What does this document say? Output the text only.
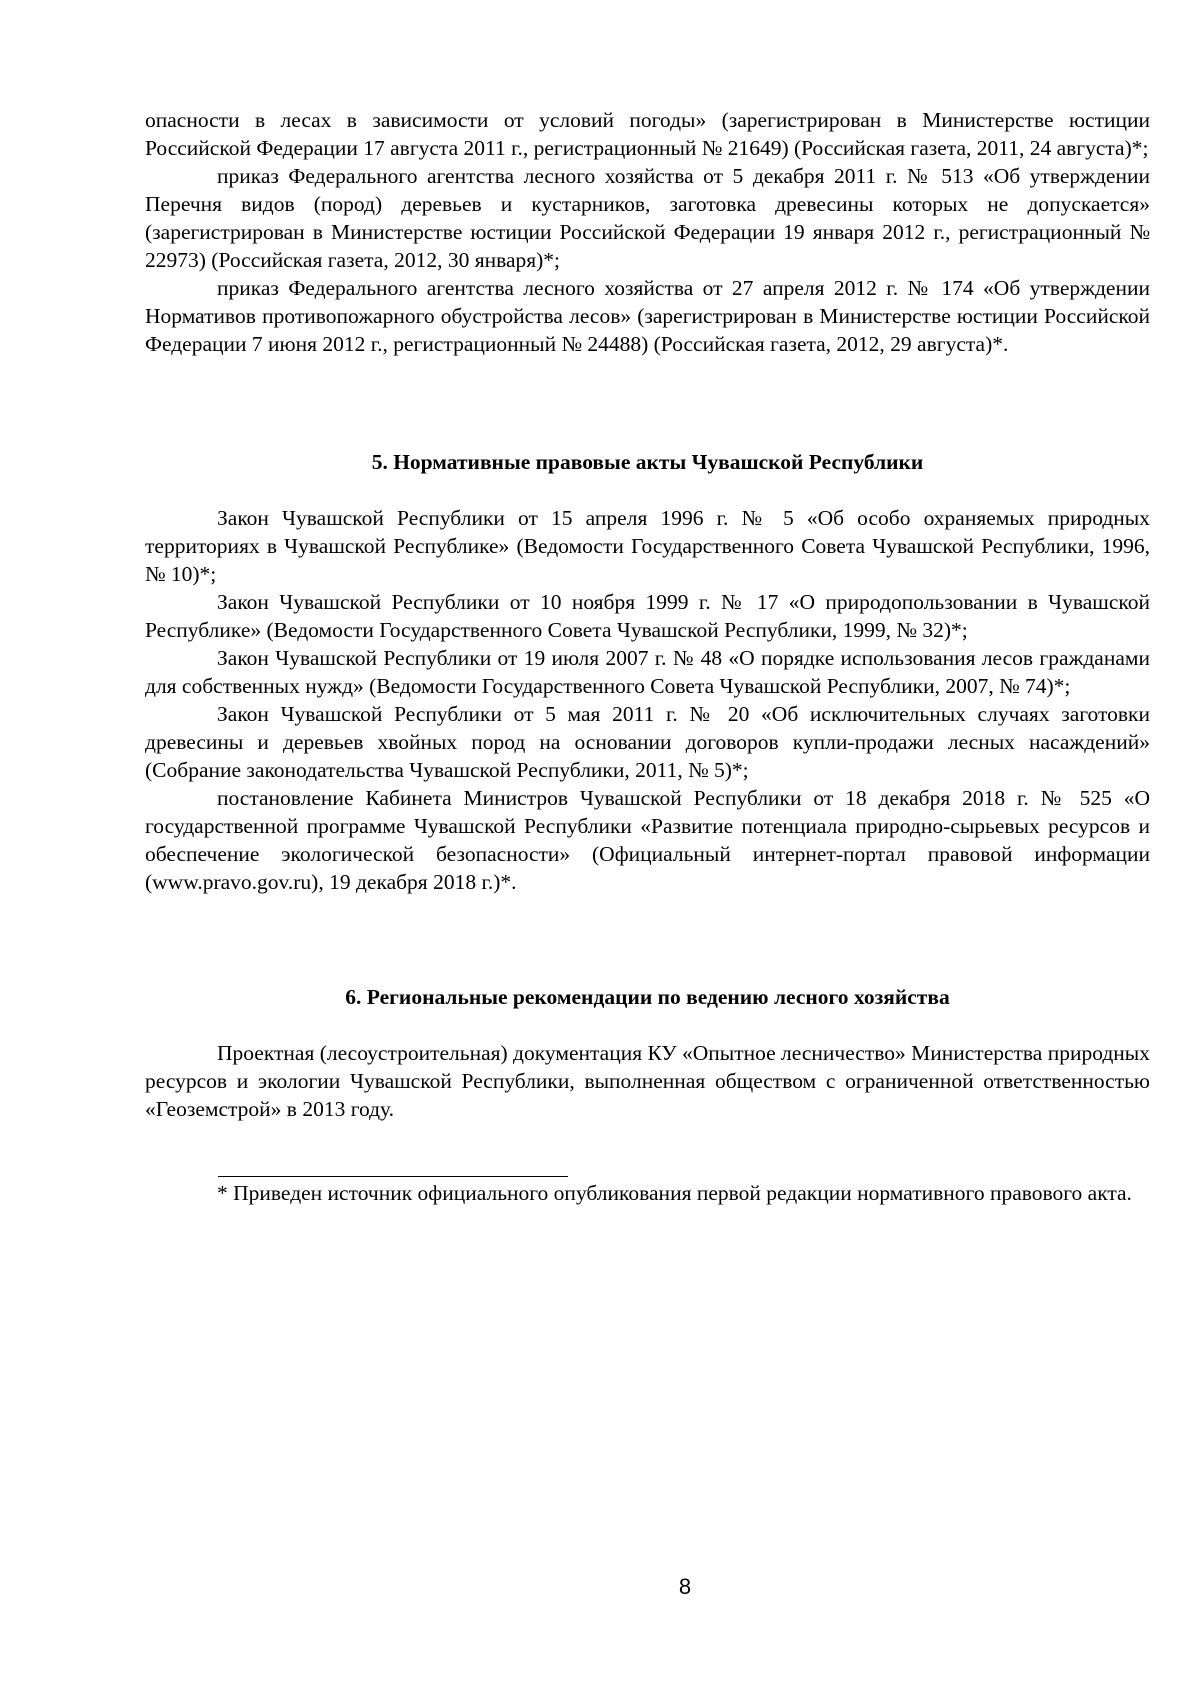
опасности в лесах в зависимости от условий погоды» (зарегистрирован в Министерстве юстиции Российской Федерации 17 августа 2011 г., регистрационный № 21649) (Российская газета, 2011, 24 августа)*;

приказ Федерального агентства лесного хозяйства от 5 декабря 2011 г. № 513 «Об утверждении Перечня видов (пород) деревьев и кустарников, заготовка древесины которых не допускается» (зарегистрирован в Министерстве юстиции Российской Федерации 19 января 2012 г., регистрационный № 22973) (Российская газета, 2012, 30 января)*;

приказ Федерального агентства лесного хозяйства от 27 апреля 2012 г. № 174 «Об утверждении Нормативов противопожарного обустройства лесов» (зарегистрирован в Министерстве юстиции Российской Федерации 7 июня 2012 г., регистрационный № 24488) (Российская газета, 2012, 29 августа)*.

5. Нормативные правовые акты Чувашской Республики

Закон Чувашской Республики от 15 апреля 1996 г. № 5 «Об особо охраняемых природных территориях в Чувашской Республике» (Ведомости Государственного Совета Чувашской Республики, 1996, № 10)*;

Закон Чувашской Республики от 10 ноября 1999 г. № 17 «О природопользовании в Чувашской Республике» (Ведомости Государственного Совета Чувашской Республики, 1999, № 32)*;

Закон Чувашской Республики от 19 июля 2007 г. № 48 «О порядке использования лесов гражданами для собственных нужд» (Ведомости Государственного Совета Чувашской Республики, 2007, № 74)*;

Закон Чувашской Республики от 5 мая 2011 г. № 20 «Об исключительных случаях заготовки древесины и деревьев хвойных пород на основании договоров купли-продажи лесных насаждений» (Собрание законодательства Чувашской Республики, 2011, № 5)*;

постановление Кабинета Министров Чувашской Республики от 18 декабря 2018 г. № 525 «О государственной программе Чувашской Республики «Развитие потенциала природно-сырьевых ресурсов и обеспечение экологической безопасности» (Официальный интернет-портал правовой информации (www.pravo.gov.ru), 19 декабря 2018 г.)*.

6. Региональные рекомендации по ведению лесного хозяйства

Проектная (лесоустроительная) документация КУ «Опытное лесничество» Министерства природных ресурсов и экологии Чувашской Республики, выполненная обществом с ограниченной ответственностью «Геоземстрой» в 2013 году.

* Приведен источник официального опубликования первой редакции нормативного правового акта.

8
